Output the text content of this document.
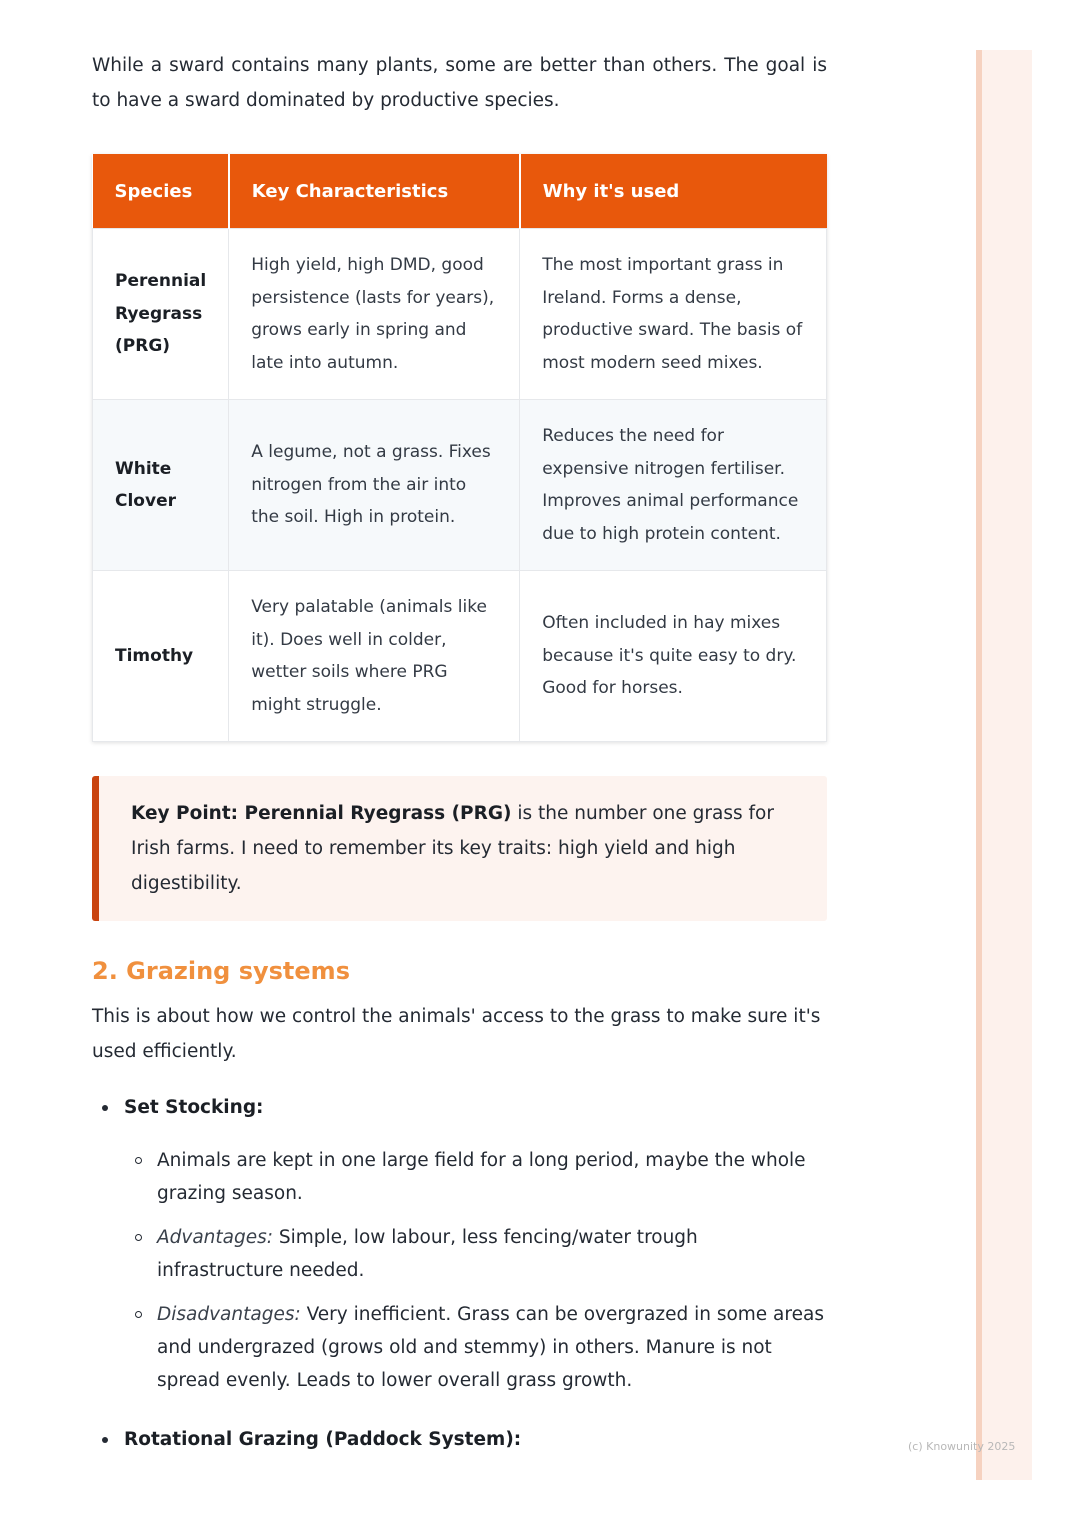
While a sward contains many plants, some are better than others. The goal is to have a sward dominated by productive species.

Species	Key Characteristics	Why it's used
Perennial Ryegrass (PRG)	High yield, high DMD, good persistence (lasts for years), grows early in spring and late into autumn.	The most important grass in Ireland. Forms a dense, productive sward. The basis of most modern seed mixes.
White Clover	A legume, not a grass. Fixes nitrogen from the air into the soil. High in protein.	Reduces the need for expensive nitrogen fertiliser. Improves animal performance due to high protein content.
Timothy	Very palatable (animals like it). Does well in colder, wetter soils where PRG might struggle.	Often included in hay mixes because it's quite easy to dry. Good for horses.
Key Point: Perennial Ryegrass (PRG) is the number one grass for Irish farms. I need to remember its key traits: high yield and high digestibility.
2. Grazing systems

This is about how we control the animals' access to the grass to make sure it's used efficiently.

Set Stocking:
Animals are kept in one large field for a long period, maybe the whole grazing season.
Advantages: Simple, low labour, less fencing/water trough infrastructure needed.
Disadvantages: Very inefficient. Grass can be overgrazed in some areas and undergrazed (grows old and stemmy) in others. Manure is not spread evenly. Leads to lower overall grass growth.
Rotational Grazing (Paddock System):	(c) Knowunity 2025
